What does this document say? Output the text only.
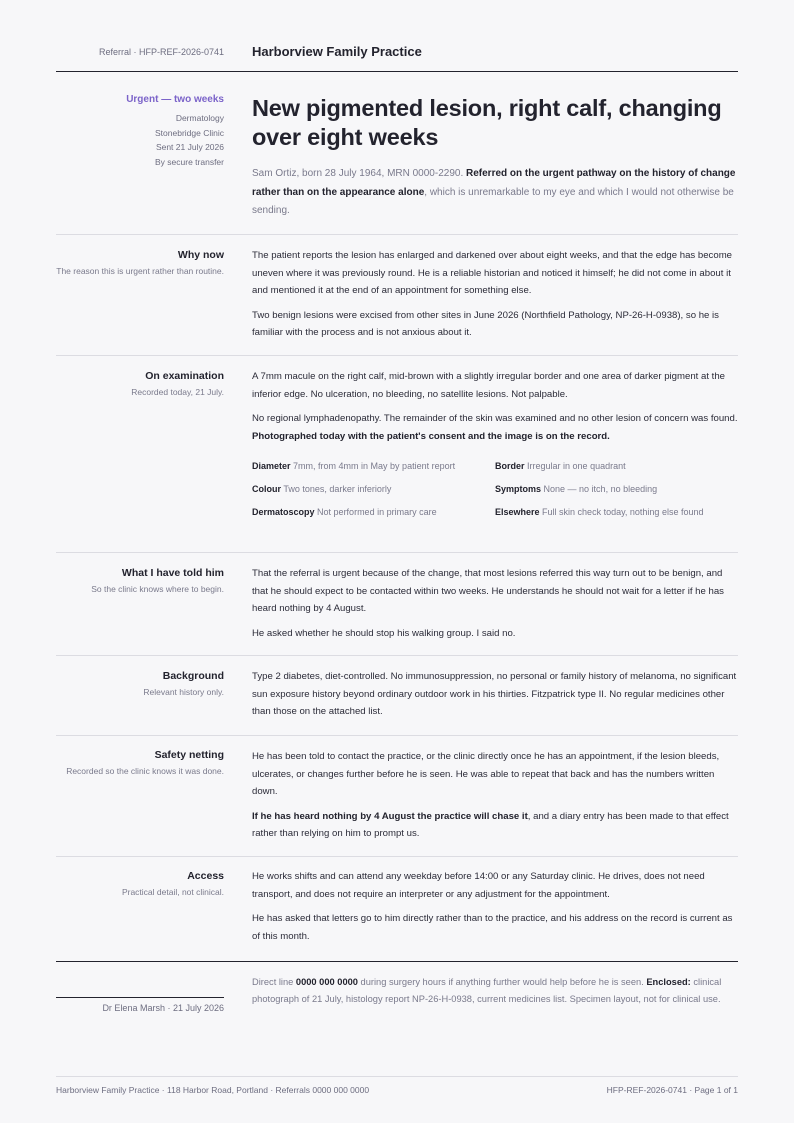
Referral · HFP-REF-2026-0741 Harborview Family Practice
Urgent — two weeks
Dermatology
Stonebridge Clinic
Sent 21 July 2026
By secure transfer
New pigmented lesion, right calf, changing over eight weeks
Sam Ortiz, born 28 July 1964, MRN 0000-2290. Referred on the urgent pathway on the history of change rather than on the appearance alone, which is unremarkable to my eye and which I would not otherwise be sending.
Why now
The reason this is urgent rather than routine.

The patient reports the lesion has enlarged and darkened over about eight weeks, and that the edge has become uneven where it was previously round. He is a reliable historian and noticed it himself; he did not come in about it and mentioned it at the end of an appointment for something else.

Two benign lesions were excised from other sites in June 2026 (Northfield Pathology, NP-26-H-0938), so he is familiar with the process and is not anxious about it.

On examination
Recorded today, 21 July.

A 7mm macule on the right calf, mid-brown with a slightly irregular border and one area of darker pigment at the inferior edge. No ulceration, no bleeding, no satellite lesions. Not palpable.

No regional lymphadenopathy. The remainder of the skin was examined and no other lesion of concern was found. Photographed today with the patient's consent and the image is on the record.

Diameter 7mm, from 4mm in May by patient report	Border Irregular in one quadrant
Colour Two tones, darker inferiorly	Symptoms None — no itch, no bleeding
Dermatoscopy Not performed in primary care	Elsewhere Full skin check today, nothing else found
What I have told him
So the clinic knows where to begin.

That the referral is urgent because of the change, that most lesions referred this way turn out to be benign, and that he should expect to be contacted within two weeks. He understands he should not wait for a letter if he has heard nothing by 4 August.

He asked whether he should stop his walking group. I said no.

Background
Relevant history only.

Type 2 diabetes, diet-controlled. No immunosuppression, no personal or family history of melanoma, no significant sun exposure history beyond ordinary outdoor work in his thirties. Fitzpatrick type II. No regular medicines other than those on the attached list.

Safety netting
Recorded so the clinic knows it was done.

He has been told to contact the practice, or the clinic directly once he has an appointment, if the lesion bleeds, ulcerates, or changes further before he is seen. He was able to repeat that back and has the numbers written down.

If he has heard nothing by 4 August the practice will chase it, and a diary entry has been made to that effect rather than relying on him to prompt us.

Access
Practical detail, not clinical.

He works shifts and can attend any weekday before 14:00 or any Saturday clinic. He drives, does not need transport, and does not require an interpreter or any adjustment for the appointment.

He has asked that letters go to him directly rather than to the practice, and his address on the record is current as of this month.

Dr Elena Marsh · 21 July 2026
Direct line 0000 000 0000 during surgery hours if anything further would help before he is seen. Enclosed: clinical photograph of 21 July, histology report NP-26-H-0938, current medicines list. Specimen layout, not for clinical use.
Harborview Family Practice · 118 Harbor Road, Portland · Referrals 0000 000 0000	HFP-REF-2026-0741 · Page 1 of 1
